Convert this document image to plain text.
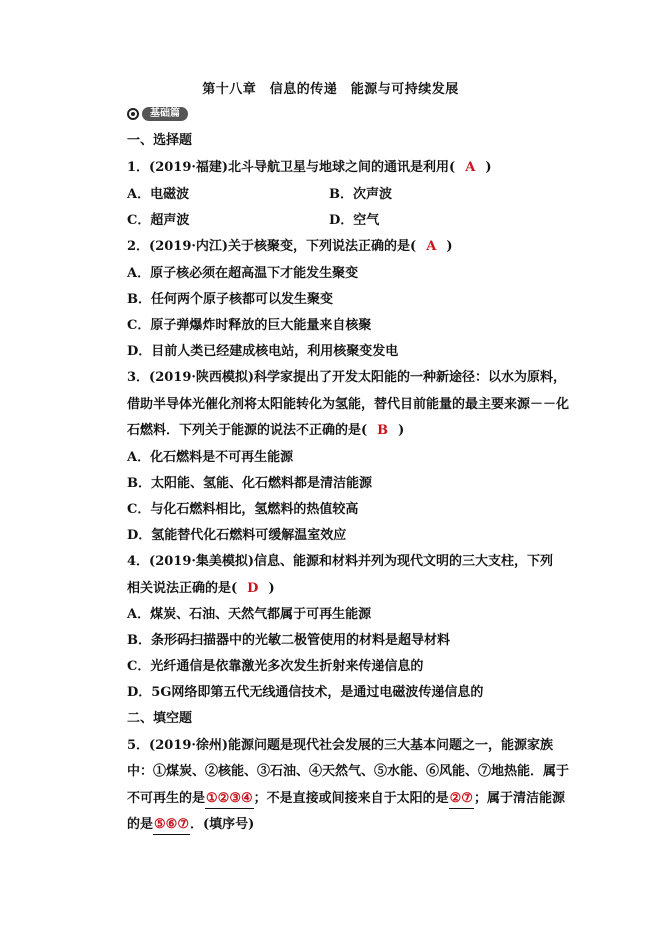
第十八章　信息的传递　能源与可持续发展
基础篇
一、选择题
1．(2019·福建)北斗导航卫星与地球之间的通讯是利用( A )
A．电磁波	B．次声波
C．超声波	D．空气
2．(2019·内江)关于核聚变，下列说法正确的是( A )
A．原子核必须在超高温下才能发生聚变
B．任何两个原子核都可以发生聚变
C．原子弹爆炸时释放的巨大能量来自核聚
D．目前人类已经建成核电站，利用核聚变发电
3．(2019·陕西模拟)科学家提出了开发太阳能的一种新途径：以水为原料，
借助半导体光催化剂将太阳能转化为氢能，替代目前能量的最主要来源－－化
石燃料．下列关于能源的说法不正确的是( B )
A．化石燃料是不可再生能源
B．太阳能、氢能、化石燃料都是清洁能源
C．与化石燃料相比，氢燃料的热值较高
D．氢能替代化石燃料可缓解温室效应
4．(2019·集美模拟)信息、能源和材料并列为现代文明的三大支柱，下列
相关说法正确的是( D )
A．煤炭、石油、天然气都属于可再生能源
B．条形码扫描器中的光敏二极管使用的材料是超导材料
C．光纤通信是依靠激光多次发生折射来传递信息的
D．5G网络即第五代无线通信技术，是通过电磁波传递信息的
二、填空题
5．(2019·徐州)能源问题是现代社会发展的三大基本问题之一，能源家族
中：①煤炭、②核能、③石油、④天然气、⑤水能、⑥风能、⑦地热能．属于
不可再生的是①②③④；不是直接或间接来自于太阳的是②⑦；属于清洁能源
的是⑤⑥⑦．(填序号)
